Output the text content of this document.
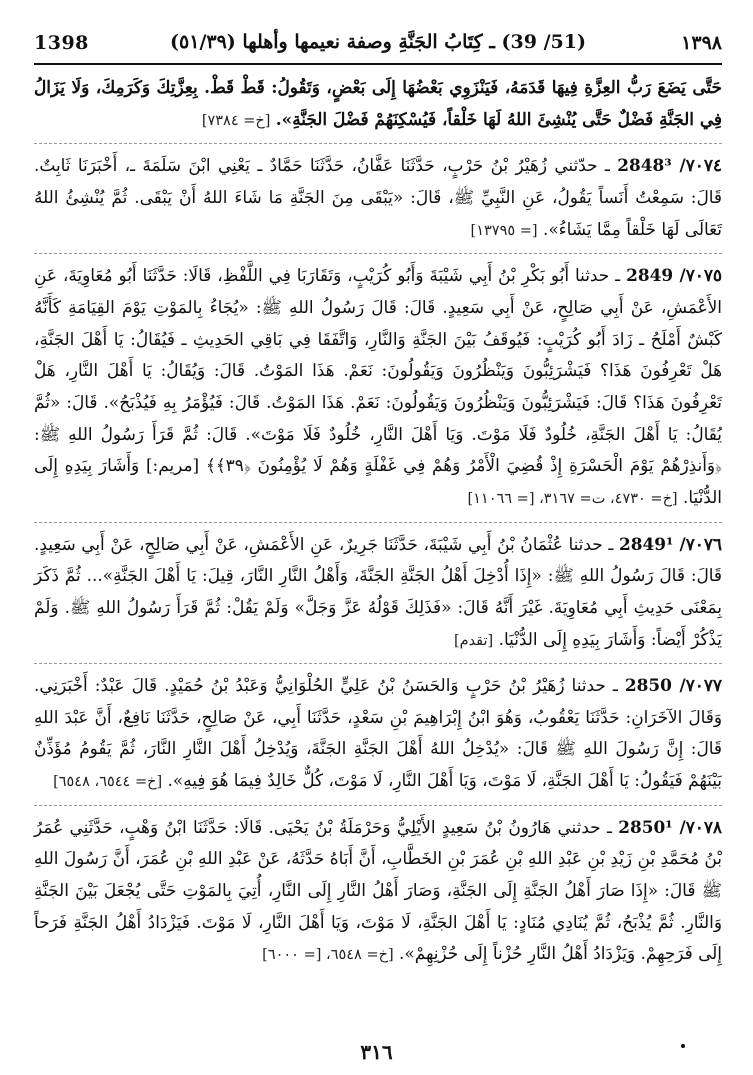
1398	(51/ 39) ـ كِتَابُ الجَنَّةِ وصفة نعيمها وأهلها (٥١/٣٩)	١٣٩٨

حَتَّى يَضَعَ رَبُّ العِزَّةِ فِيهَا قَدَمَهُ، فَيَنْزَوِي بَعْضُهَا إِلَى بَعْضٍ، وَتَقُولُ: قَطْ قَطْ. بِعِزَّتِكَ وَكَرَمِكَ، وَلَا يَزَالُ فِي الجَنَّةِ فَضْلٌ حَتَّى يُنْشِئَ اللهُ لَهَا خَلْقاً، فَيُسْكِنَهُمْ فَضْلَ الجَنَّةِ». [خ= ٧٣٨٤]

٧٠٧٤/ 2848³ ـ حدّثني زُهَيْرُ بْنُ حَرْبٍ، حَدَّثَنَا عَفَّانُ، حَدَّثَنَا حَمَّادٌ ـ يَعْنِي ابْنَ سَلَمَةَ ـ، أَخْبَرَنَا ثَابِتٌ. قَالَ: سَمِعْتُ أَنَساً يَقُولُ، عَنِ النَّبِيِّ ﷺ، قَالَ: «يَبْقَى مِنَ الجَنَّةِ مَا شَاءَ اللهُ أَنْ يَبْقَى. ثُمَّ يُنْشِئُ اللهُ تَعَالَى لَهَا خَلْقاً مِمَّا يَشَاءُ». [= ١٣٧٩٥]

٧٠٧٥/ 2849 ـ حدثنا أَبُو بَكْرِ بْنُ أَبِي شَيْبَةَ وَأَبُو كُرَيْبٍ، وَتَقَارَبَا فِي اللَّفْظِ، قَالَا: حَدَّثَنَا أَبُو مُعَاوِيَةَ، عَنِ الأَعْمَشِ، عَنْ أَبِي صَالِحٍ، عَنْ أَبِي سَعِيدٍ. قَالَ: قَالَ رَسُولُ اللهِ ﷺ: «يُجَاءُ بِالمَوْتِ يَوْمَ القِيَامَةِ كَأَنَّهُ كَبْشٌ أَمْلَحُ ـ زَادَ أَبُو كُرَيْبٍ: فَيُوقَفُ بَيْنَ الجَنَّةِ وَالنَّارِ، وَاتَّفَقَا فِي بَاقِي الحَدِيثِ ـ فَيُقَالُ: يَا أَهْلَ الجَنَّةِ، هَلْ تَعْرِفُونَ هَذَا؟ فَيَشْرَئِبُّونَ وَيَنْظُرُونَ وَيَقُولُونَ: نَعَمْ. هَذَا المَوْتُ. قَالَ: وَيُقَالُ: يَا أَهْلَ النَّارِ، هَلْ تَعْرِفُونَ هَذَا؟ قَالَ: فَيَشْرَئِبُّونَ وَيَنْظُرُونَ وَيَقُولُونَ: نَعَمْ. هَذَا المَوْتُ. قَالَ: فَيُؤْمَرُ بِهِ فَيُذْبَحُ». قَالَ: «ثُمَّ يُقَالُ: يَا أَهْلَ الجَنَّةِ، خُلُودٌ فَلَا مَوْتَ. وَيَا أَهْلَ النَّارِ، خُلُودٌ فَلَا مَوْتَ». قَالَ: ثُمَّ قَرَأَ رَسُولُ اللهِ ﷺ: ﴿وَأَنذِرْهُمْ يَوْمَ الْحَسْرَةِ إِذْ قُضِيَ الْأَمْرُ وَهُمْ فِي غَفْلَةٍ وَهُمْ لَا يُؤْمِنُونَ ﴿٣٩﴾﴾ [مريم:] وَأَشَارَ بِيَدِهِ إِلَى الدُّنْيَا. [خ= ٤٧٣٠، ت= ٣١٦٧، [= ١١٠٦٦]

٧٠٧٦/ 2849¹ ـ حدثنا عُثْمَانُ بْنُ أَبِي شَيْبَةَ، حَدَّثَنَا جَرِيرٌ، عَنِ الأَعْمَشِ، عَنْ أَبِي صَالِحٍ، عَنْ أَبِي سَعِيدٍ. قَالَ: قَالَ رَسُولُ اللهِ ﷺ: «إِذَا أُدْخِلَ أَهْلُ الجَنَّةِ الجَنَّةَ، وَأَهْلُ النَّارِ النَّارَ، قِيلَ: يَا أَهْلَ الجَنَّةِ»... ثُمَّ ذَكَرَ بِمَعْنَى حَدِيثِ أَبِي مُعَاوِيَةَ. غَيْرَ أَنَّهُ قَالَ: «فَذَلِكَ قَوْلُهُ عَزَّ وَجَلَّ» وَلَمْ يَقُلْ: ثُمَّ قَرَأَ رَسُولُ اللهِ ﷺ. وَلَمْ يَذْكُرْ أَيْضاً: وَأَشَارَ بِيَدِهِ إِلَى الدُّنْيَا. [تقدم]

٧٠٧٧/ 2850 ـ حدثنا زُهَيْرُ بْنُ حَرْبٍ وَالحَسَنُ بْنُ عَلِيٍّ الحُلْوَانِيُّ وَعَبْدُ بْنُ حُمَيْدٍ. قَالَ عَبْدٌ: أَخْبَرَنِي. وَقَالَ الآخَرَانِ: حَدَّثَنَا يَعْقُوبُ، وَهُوَ ابْنُ إِبْرَاهِيمَ بْنِ سَعْدٍ، حَدَّثَنَا أَبِي، عَنْ صَالِحٍ، حَدَّثَنَا نَافِعٌ، أَنَّ عَبْدَ اللهِ قَالَ: إِنَّ رَسُولَ اللهِ ﷺ قَالَ: «يُدْخِلُ اللهُ أَهْلَ الجَنَّةِ الجَنَّةَ، وَيُدْخِلُ أَهْلَ النَّارِ النَّارَ، ثُمَّ يَقُومُ مُؤَذِّنٌ بَيْنَهُمْ فَيَقُولُ: يَا أَهْلَ الجَنَّةِ، لَا مَوْتَ، وَيَا أَهْلَ النَّارِ، لَا مَوْتَ، كُلٌّ خَالِدٌ فِيمَا هُوَ فِيهِ». [خ= ٦٥٤٤، ٦٥٤٨]

٧٠٧٨/ 2850¹ ـ حدثني هَارُونُ بْنُ سَعِيدٍ الأَيْلِيُّ وَحَرْمَلَةُ بْنُ يَحْيَى. قَالَا: حَدَّثَنَا ابْنُ وَهْبٍ، حَدَّثَنِي عُمَرُ بْنُ مُحَمَّدِ بْنِ زَيْدِ بْنِ عَبْدِ اللهِ بْنِ عُمَرَ بْنِ الخَطَّابِ، أَنَّ أَبَاهُ حَدَّثَهُ، عَنْ عَبْدِ اللهِ بْنِ عُمَرَ، أَنَّ رَسُولَ اللهِ ﷺ قَالَ: «إِذَا صَارَ أَهْلُ الجَنَّةِ إِلَى الجَنَّةِ، وَصَارَ أَهْلُ النَّارِ إِلَى النَّارِ، أُتِيَ بِالمَوْتِ حَتَّى يُجْعَلَ بَيْنَ الجَنَّةِ وَالنَّارِ. ثُمَّ يُذْبَحُ، ثُمَّ يُنَادِي مُنَادٍ: يَا أَهْلَ الجَنَّةِ، لَا مَوْتَ، وَيَا أَهْلَ النَّارِ، لَا مَوْتَ. فَيَزْدَادُ أَهْلُ الجَنَّةِ فَرَحاً إِلَى فَرَحِهِمْ. وَيَزْدَادُ أَهْلُ النَّارِ حُزْناً إِلَى حُزْنِهِمْ». [خ= ٦٥٤٨، [= ٦٠٠٠]

٣١٦
